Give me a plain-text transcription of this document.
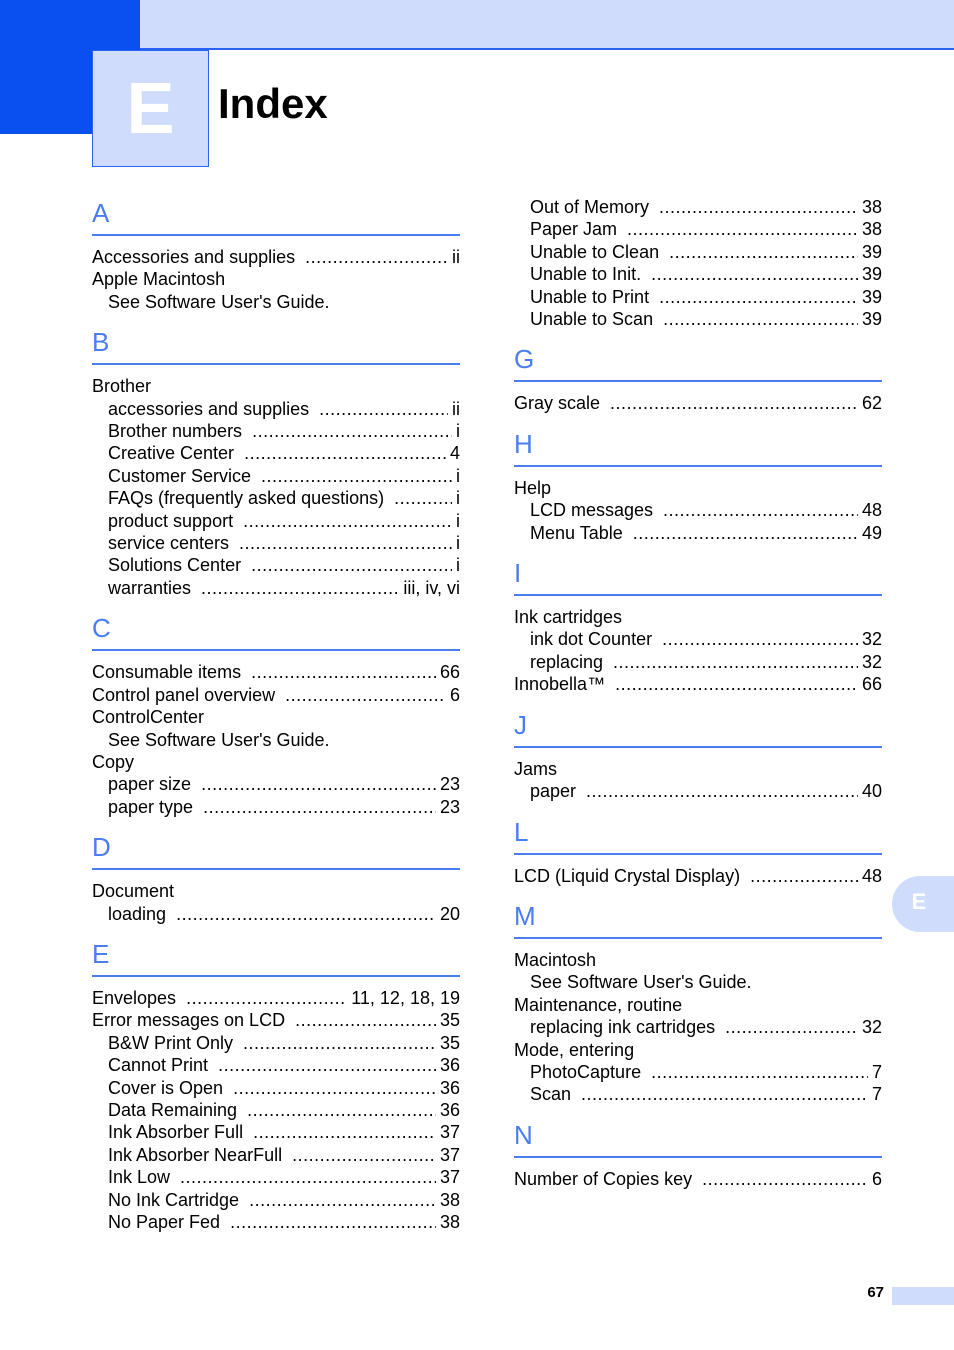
E Index
A
Accessories and supplies .....	ii
Apple Macintosh
See Software User's Guide.
B
Brother
accessories and supplies .....	ii
Brother numbers .....	i
Creative Center .....	4
Customer Service .....	i
FAQs (frequently asked questions) .....	i
product support .....	i
service centers .....	i
Solutions Center .....	i
warranties .....	iii, iv, vi
C
Consumable items .....	66
Control panel overview .....	6
ControlCenter
See Software User's Guide.
Copy
paper size .....	23
paper type .....	23
D
Document
loading .....	20
E
Envelopes .....	11, 12, 18, 19
Error messages on LCD .....	35
B&W Print Only .....	35
Cannot Print .....	36
Cover is Open .....	36
Data Remaining .....	36
Ink Absorber Full .....	37
Ink Absorber NearFull .....	37
Ink Low .....	37
No Ink Cartridge .....	38
No Paper Fed .....	38
Out of Memory .....	38
Paper Jam .....	38
Unable to Clean .....	39
Unable to Init. .....	39
Unable to Print .....	39
Unable to Scan .....	39
G
Gray scale .....	62
H
Help
LCD messages .....	48
Menu Table .....	49
I
Ink cartridges
ink dot Counter .....	32
replacing .....	32
Innobella™ .....	66
J
Jams
paper .....	40
L
LCD (Liquid Crystal Display) .....	48
M
Macintosh
See Software User's Guide.
Maintenance, routine
replacing ink cartridges .....	32
Mode, entering
PhotoCapture .....	7
Scan .....	7
N
Number of Copies key .....	6
E
67
